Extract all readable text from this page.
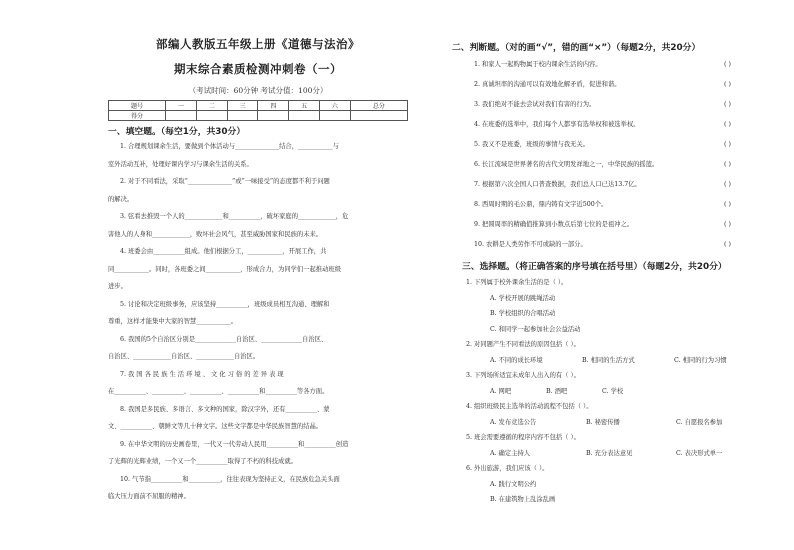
部编人教版五年级上册《道德与法治》
期末综合素质检测冲刺卷（一）
（考试时间：60分钟 考试分值：100分）
题号	一	二	三	四	五	六	总分
得分							
一、填空题。（每空1分，共30分）

1. 合理规划课余生活，要做到个体活动与______________结合，___________与

室外活动互补，处理好课内学习与课余生活的关系。

2. 对于不同看法，采取“______________”或“一味接受”的态度都不利于问题

的解决。

3. 弦看去推毁一个人的____________和__________，破坏家庭的____________，危

害他人的人身和____________，败坏社会风气，甚至威胁国家和民族的未来。

4. 班委会由__________组成。他们根据分工，___________，开展工作，共

同___________。同时，各班委之间___________，形成合力，为同学们一起推动班级

进步。

5. 讨论和决定班级事务，应该坚持__________，班级成员相互沟通、理解和

尊重，这样才能集中大家的智慧___________。

6. 我国的5个自治区分别是_____________自治区、_____________自治区、

自治区、____________自治区、____________自治区。

7. 我 国 各 民 族 生 活 环 境 、 文 化 习 俗 的 差 异 表 现

在__________、__________、__________、__________和__________等各方面。

8. 我国是多民族、多语言、多文种的国家，除汉字外，还有__________、蒙

文、__________、朝鲜文等几十种文字。这些文字都是中华民族智慧的结晶。

9. 在中华文明的历史画卷里，一代又一代劳动人民用__________和__________创造

了光辉的光辉业绩，一个又一个__________取得了不朽的科技成就。

10. 气节指__________和__________，往往表现为坚持正义，在民族危急关头面

临大压力面前不屈服的精神。

二、判断题。（对的画“√”，错的画“×”）（每题2分，共20分）
1. 和家人一起购物属于校内课余生活的内容。	( )
2. 真诚坦率的沟通可以有效地化解矛盾，促进和谐。	( )
3. 我们绝对不能去尝试对我们有害的行为。	( )
4. 在班委的选举中，我们每个人都享有选举权和被选举权。	( )
5. 我又不是班委，班级的事情与我无关。	( )
6. 长江流域是世界著名的古代文明发祥地之一，中华民族的摇篮。	( )
7. 根据第六次全国人口普查数据，我们总人口已达13.7亿。	( )
8. 西周时期的毛公鼎，鼎内铸有文字近500个。	( )
9. 把圆周率的精确值推算到小数点后第七位的是祖冲之。	( )
10. 农耕是人类劳作不可或缺的一部分。	( )
三、选择题。（将正确答案的序号填在括号里）（每题2分，共20分）

1. 下列属于校外课余生活的是（ ）。

A. 学校开展的跳绳活动

B. 学校组织的合唱活动

C. 和同学一起参加社会公益活动

2. 对同题产生不同看法的原因包括（ ）。

A. 不同的成长环境	B. 相同的生活方式	C. 相同的行为习惯

3. 下列场所适宜未成年人出入的有（ ）。

A. 网吧	B. 酒吧	C. 学校

4. 组织班级民主选举的活动流程不包括（ ）。

A. 发布竞选公告	B. 秘密传播	C. 自愿报名参加

5. 班会需要遵循的程序内容不包括（ ）。

A. 确定主持人	B. 充分表达意见	C. 表决形式单一

6. 外出旅游，我们应该（ ）。

A. 践行文明公约

B. 在建筑物上乱涂乱画
